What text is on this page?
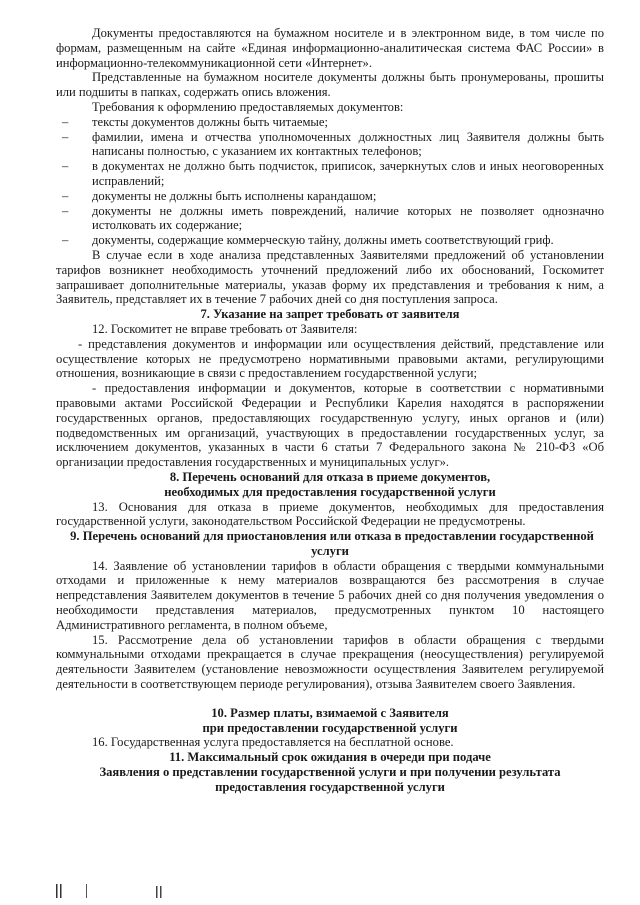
Документы предоставляются на бумажном носителе и в электронном виде, в том числе по формам, размещенным на сайте «Единая информационно-аналитическая система ФАС России» в информационно-телекоммуникационной сети «Интернет».

Представленные на бумажном носителе документы должны быть пронумерованы, прошиты или подшиты в папках, содержать опись вложения.

Требования к оформлению предоставляемых документов:

– тексты документов должны быть читаемые;

– фамилии, имена и отчества уполномоченных должностных лиц Заявителя должны быть написаны полностью, с указанием их контактных телефонов;

– в документах не должно быть подчисток, приписок, зачеркнутых слов и иных неоговоренных исправлений;

– документы не должны быть исполнены карандашом;

– документы не должны иметь повреждений, наличие которых не позволяет однозначно истолковать их содержание;

– документы, содержащие коммерческую тайну, должны иметь соответствующий гриф.

В случае если в ходе анализа представленных Заявителями предложений об установлении тарифов возникнет необходимость уточнений предложений либо их обоснований, Госкомитет запрашивает дополнительные материалы, указав форму их представления и требования к ним, а Заявитель, представляет их в течение 7 рабочих дней со дня поступления запроса.

7. Указание на запрет требовать от заявителя

12. Госкомитет не вправе требовать от Заявителя:

- представления документов и информации или осуществления действий, представление или осуществление которых не предусмотрено нормативными правовыми актами, регулирующими отношения, возникающие в связи с предоставлением государственной услуги;

- предоставления информации и документов, которые в соответствии с нормативными правовыми актами Российской Федерации и Республики Карелия находятся в распоряжении государственных органов, предоставляющих государственную услугу, иных органов и (или) подведомственных им организаций, участвующих в предоставлении государственных услуг, за исключением документов, указанных в части 6 статьи 7 Федерального закона № 210-ФЗ «Об организации предоставления государственных и муниципальных услуг».

8. Перечень оснований для отказа в приеме документов,

необходимых для предоставления государственной услуги

13. Основания для отказа в приеме документов, необходимых для предоставления государственной услуги, законодательством Российской Федерации не предусмотрены.

9. Перечень оснований для приостановления или отказа в предоставлении государственной

услуги

14. Заявление об установлении тарифов в области обращения с твердыми коммунальными отходами и приложенные к нему материалов возвращаются без рассмотрения в случае непредставления Заявителем документов в течение 5 рабочих дней со дня получения уведомления о необходимости представления материалов, предусмотренных пунктом 10 настоящего Административного регламента, в полном объеме,

15. Рассмотрение дела об установлении тарифов в области обращения с твердыми коммунальными отходами прекращается в случае прекращения (неосуществления) регулируемой деятельности Заявителем (установление невозможности осуществления Заявителем регулируемой деятельности в соответствующем периоде регулирования), отзыва Заявителем своего Заявления.

10. Размер платы, взимаемой с Заявителя

при предоставлении государственной услуги

16. Государственная услуга предоставляется на бесплатной основе.

11. Максимальный срок ожидания в очереди при подаче

Заявления о представлении государственной услуги и при получении результата

предоставления государственной услуги
